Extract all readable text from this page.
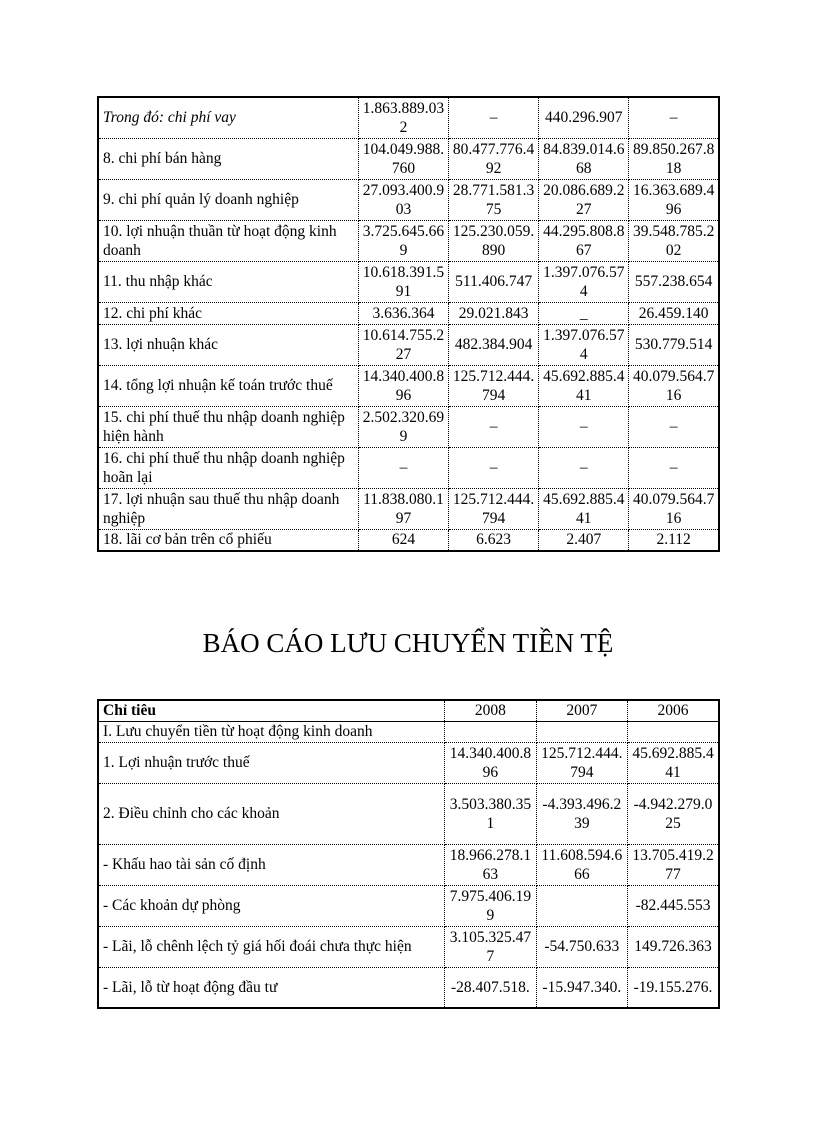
Trong đó: chi phí vay	1.863.889.032	–	440.296.907	–
8. chi phí bán hàng	104.049.988.760	80.477.776.492	84.839.014.668	89.850.267.818
9. chi phí quản lý doanh nghiệp	27.093.400.903	28.771.581.375	20.086.689.227	16.363.689.496
10. lợi nhuận thuần từ hoạt động kinh doanh	3.725.645.669	125.230.059.890	44.295.808.867	39.548.785.202
11. thu nhập khác	10.618.391.591	511.406.747	1.397.076.574	557.238.654
12. chi phí khác	3.636.364	29.021.843	_	26.459.140
13. lợi nhuận khác	10.614.755.227	482.384.904	1.397.076.574	530.779.514
14. tổng lợi nhuận kế toán trước thuế	14.340.400.896	125.712.444.794	45.692.885.441	40.079.564.716
15. chi phí thuế thu nhập doanh nghiệp hiện hành	2.502.320.699	–	–	–
16. chi phí thuế thu nhập doanh nghiệp hoãn lại	–	–	–	–
17. lợi nhuận sau thuế thu nhập doanh nghiệp	11.838.080.197	125.712.444.794	45.692.885.441	40.079.564.716
18. lãi cơ bản trên cổ phiếu	624	6.623	2.407	2.112
BÁO CÁO LƯU CHUYỂN TIỀN TỆ
Chỉ tiêu	2008	2007	2006
I. Lưu chuyển tiền từ hoạt động kinh doanh			
1. Lợi nhuận trước thuế	14.340.400.896	125.712.444.794	45.692.885.441
2. Điều chỉnh cho các khoản	3.503.380.351	-4.393.496.239	-4.942.279.025
- Khấu hao tài sản cố định	18.966.278.163	11.608.594.666	13.705.419.277
- Các khoản dự phòng	7.975.406.199		-82.445.553
- Lãi, lỗ chênh lệch tỷ giá hối đoái chưa thực hiện	3.105.325.477	-54.750.633	149.726.363
- Lãi, lỗ từ hoạt động đầu tư	-28.407.518.	-15.947.340.	-19.155.276.
